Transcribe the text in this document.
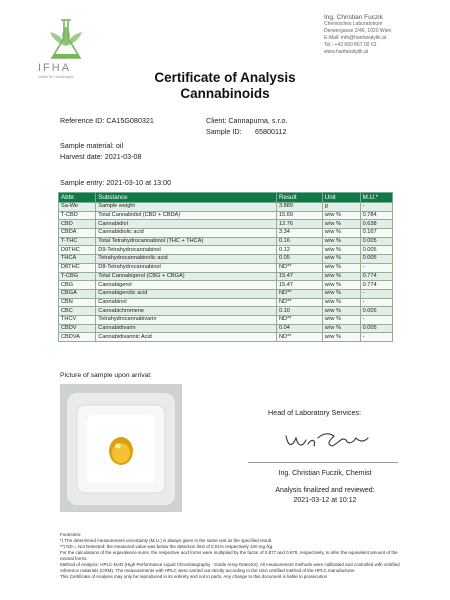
IFHA
Institut für Hanfanalytik
Ing. Christian Fuczik
Chemisches Laboratorium
Derwergasse 2/46, 1020 Wien
E-Mail: info@hanfanalytik.at
Tel.: +43 660 867 00 63
www.hanfanalytik.at
Certificate of Analysis
Cannabinoids
Reference ID: CA15G080321	Client: Cannapurna, s.r.o.
Sample ID: 65800112
Sample material: oil
Harvest date: 2021-03-08
Sample entry: 2021-03-10 at 13:00
Abbr.	Substance	Result	Unit	M.U.*
Sa-We	Sample weight	3.889	g	-
T-CBD	Total Cannabidiol (CBD + CBDA)	15.69	w/w %	0.784
CBD	Cannabidiol	12.76	w/w %	0.638
CBDA	Cannabidiolic acid	3.34	w/w %	0.167
T-THC	Total Tetrahydrocannabinol (THC + THCA)	0.16	w/w %	0.005
D9THC	D9-Tetrahydrocannabinol	0.12	w/w %	0.005
THCA	Tetrahydrocannabinolic acid	0.05	w/w %	0.005
D8THC	D8-Tetrahydrocannabinol	ND**	w/w %	-
T-CBG	Total Cannabigerol (CBG + CBGA)	15.47	w/w %	0.774
CBG	Cannabigerol	15.47	w/w %	0.774
CBGA	Cannabigerolic acid	ND**	w/w %	-
CBN	Cannabinol	ND**	w/w %	-
CBC	Cannabichromene	0.10	w/w %	0.005
THCV	Tetrahydrocannabivarin	ND**	w/w %	-
CBDV	Cannabidivarin	0.04	w/w %	0.005
CBDVA	Cannabidivarinic Acid	ND**	w/w %	-
Picture of sample upon arrival:
Head of Laboratory Services:
Ing. Christian Fuczik, Chemist
Analysis finalized and reviewed:
2021-03-12 at 10:12

Footnotes:

*) The determined measurement uncertainty (M.U.) is always given in the same unit as the specified result.

**) ND = Not Detected: the measured value was below the detection limit of 0,01% respectively 100 mg /kg.

For the calculations of the equivalence sums, the respective acid forms were multiplied by the factor of 0.877 and 0.878, respectively, to infer the equivalent amount of the neutral forms.

Method of Analysis: HPLC-DAD (High Performance Liquid Chromatography - Diode Array Detector). All measurement methods were calibrated and controlled with certified reference materials (CRM). The measurements with HPLC were carried out strictly according to the USA certified method of the HPLC manufacturer.

This Certificate of Analysis may only be reproduced in its entirety and not in parts. Any change to this document is liable to prosecution
